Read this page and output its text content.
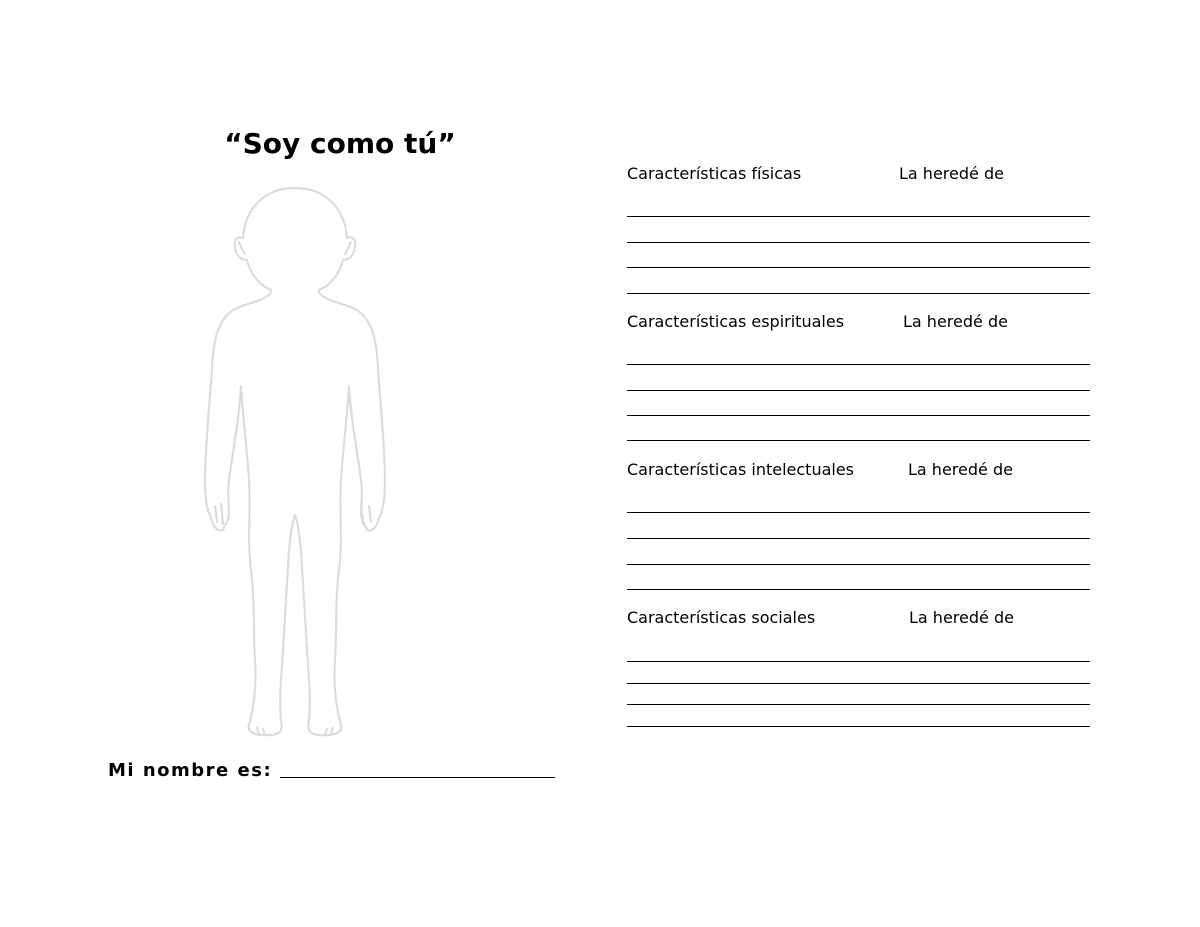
“Soy como tú”
Mi nombre es:
Características físicas	La heredé de
Características espirituales	La heredé de
Características intelectuales	La heredé de
Características sociales	La heredé de
